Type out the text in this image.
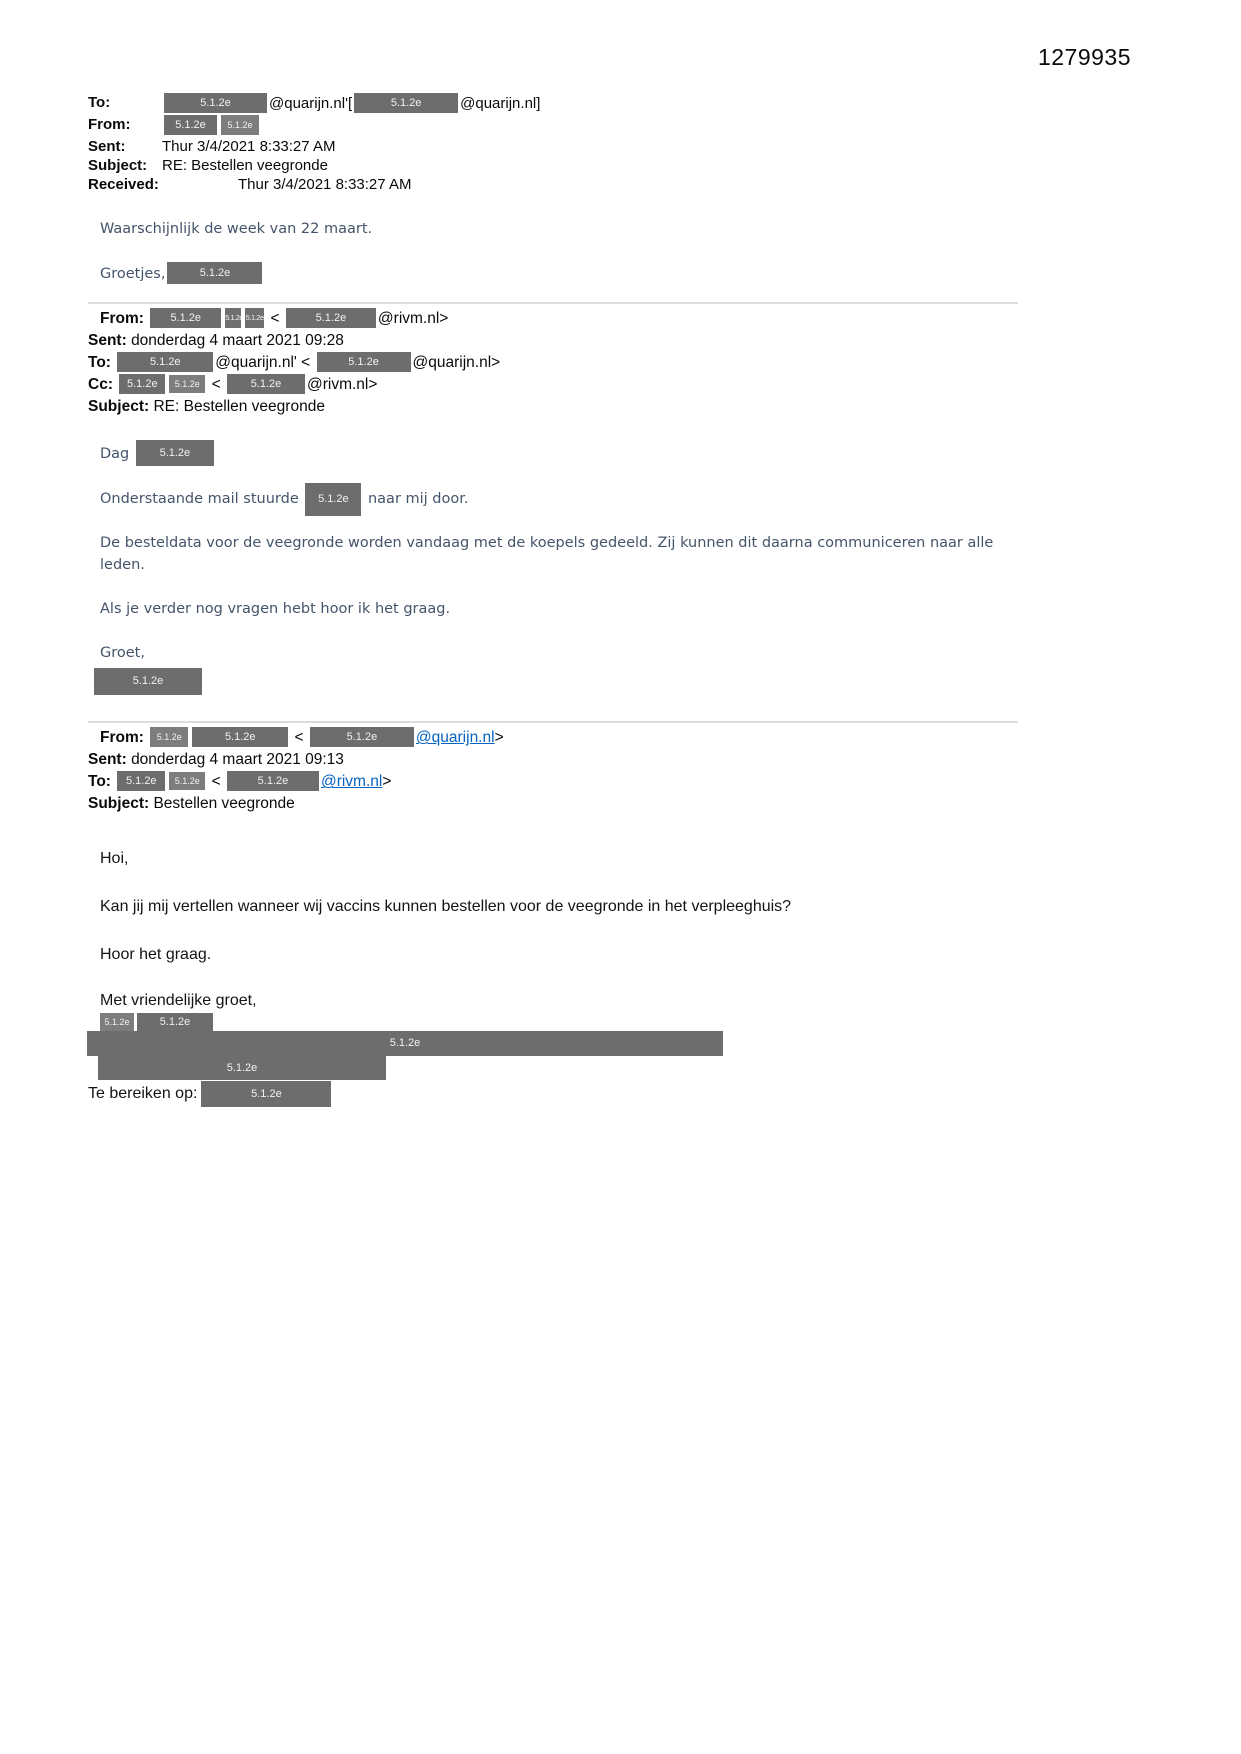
1279935
To:	5.1.2e	@quarijn.nl'[	5.1.2e	@quarijn.nl]
From:	5.1.2e 5.1.2e
Sent:	Thur 3/4/2021 8:33:27 AM
Subject: RE: Bestellen veegronde
Received:	Thur 3/4/2021 8:33:27 AM

Waarschijnlijk de week van 22 maart.

Groetjes,	5.1.2e

From: 5.1.2e	5.1.2e 5.1.2e <	5.1.2e @rivm.nl>
Sent: donderdag 4 maart 2021 09:28
To:	5.1.2e @quarijn.nl' <	5.1.2e @quarijn.nl>
Cc: 5.1.2e 5.1.2e <	5.1.2e @rivm.nl>
Subject: RE: Bestellen veegronde

Dag	5.1.2e

Onderstaande mail stuurde 5.1.2e naar mij door.

De besteldata voor de veegronde worden vandaag met de koepels gedeeld. Zij kunnen dit daarna communiceren naar alle leden.

Als je verder nog vragen hebt hoor ik het graag.

Groet,

5.1.2e
From: 5.1.2e	5.1.2e	<	5.1.2e @quarijn.nl>
Sent: donderdag 4 maart 2021 09:13
To: 5.1.2e 5.1.2e <	5.1.2e @rivm.nl>
Subject: Bestellen veegronde

Hoi,

Kan jij mij vertellen wanneer wij vaccins kunnen bestellen voor de veegronde in het verpleeghuis?

Hoor het graag.

Met vriendelijke groet,

5.1.2e	5.1.2e
5.1.2e
5.1.2e
Te bereiken op:	5.1.2e
